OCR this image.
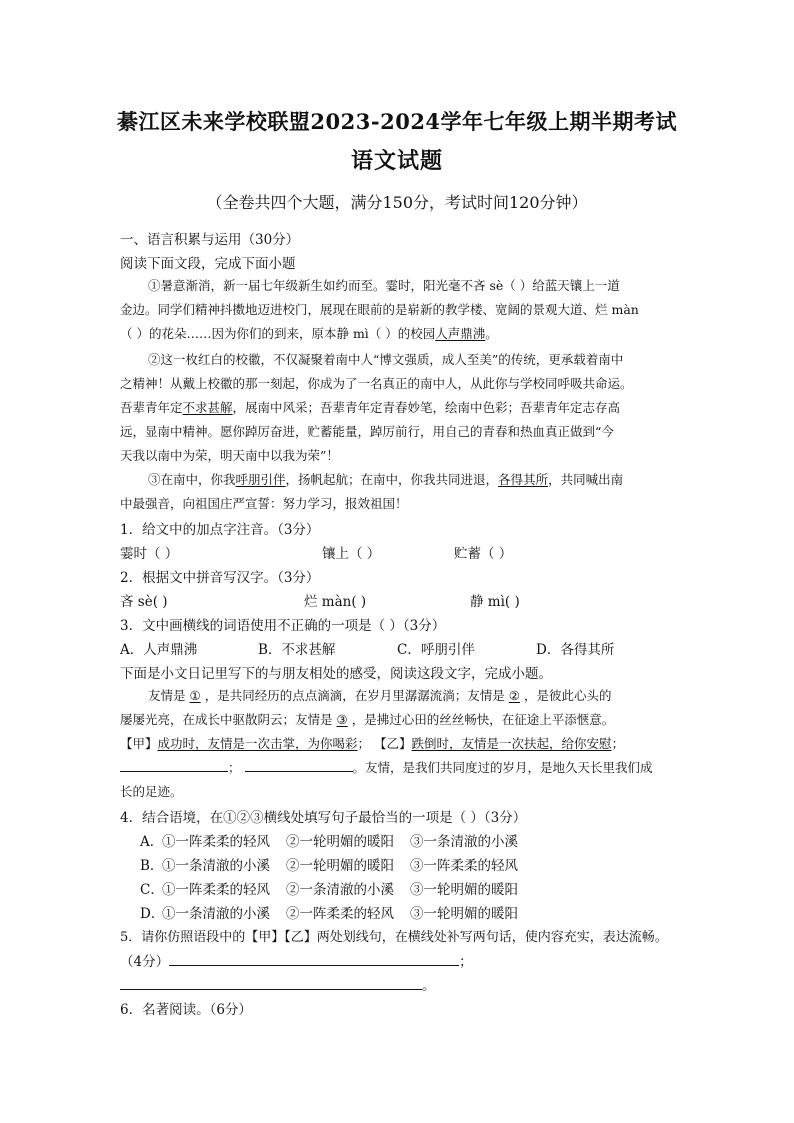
綦江区未来学校联盟2023-2024学年七年级上期半期考试
语文试题
（全卷共四个大题，满分150分，考试时间120分钟）
一、语言积累与运用（30分）
阅读下面文段，完成下面小题
①暑意渐消，新一届七年级新生如约而至。霎时，阳光毫不吝 sè（ ）给蓝天镶上一道
金边。同学们精神抖擞地迈进校门，展现在眼前的是崭新的教学楼、宽阔的景观大道、烂 màn
（ ）的花朵……因为你们的到来，原本静 mì（ ）的校园人声鼎沸。
②这一枚红白的校徽，不仅凝聚着南中人“博文强质，成人至美”的传统，更承载着南中
之精神！从戴上校徽的那一刻起，你成为了一名真正的南中人，从此你与学校同呼吸共命运。
吾辈青年定不求甚解，展南中风采；吾辈青年定青春妙笔，绘南中色彩；吾辈青年定志存高
远，显南中精神。愿你踔厉奋进，贮蓄能量，踔厉前行，用自己的青春和热血真正做到“今
天我以南中为荣，明天南中以我为荣”！
③在南中，你我呼朋引伴，扬帆起航；在南中，你我共同进退，各得其所，共同喊出南
中最强音，向祖国庄严宣誓：努力学习，报效祖国！
1．给文中的加点字注音。（3分）
霎时（ ）	镶上（ ）	贮蓄（ ）
2．根据文中拼音写汉字。（3分）
吝 sè( )	烂 màn( )	静 mì( )
3．文中画横线的词语使用不正确的一项是（ ）（3分）
A．人声鼎沸	B．不求甚解	C．呼朋引伴	D．各得其所
下面是小文日记里写下的与朋友相处的感受，阅读这段文字，完成小题。
友情是 ① ，是共同经历的点点滴滴，在岁月里潺潺流淌；友情是 ② ，是彼此心头的
屡屡光亮，在成长中驱散阴云；友情是 ③ ，是拂过心田的丝丝畅快，在征途上平添惬意。
【甲】成功时，友情是一次击掌，为你喝彩； 【乙】跌倒时，友情是一次扶起，给你安慰；
；	。友情，是我们共同度过的岁月，是地久天长里我们成
长的足迹。
4．结合语境，在①②③横线处填写句子最恰当的一项是（ ）（3分）
A．
①一阵柔柔的轻风 ②一轮明媚的暖阳 ③一条清澈的小溪
B．
①一条清澈的小溪 ②一轮明媚的暖阳 ③一阵柔柔的轻风
C．
①一阵柔柔的轻风 ②一条清澈的小溪 ③一轮明媚的暖阳
D．
①一条清澈的小溪 ②一阵柔柔的轻风 ③一轮明媚的暖阳
5．请你仿照语段中的【甲】【乙】两处划线句，在横线处补写两句话，使内容充实，表达流畅。
（4分）	；
。
6．名著阅读。（6分）
